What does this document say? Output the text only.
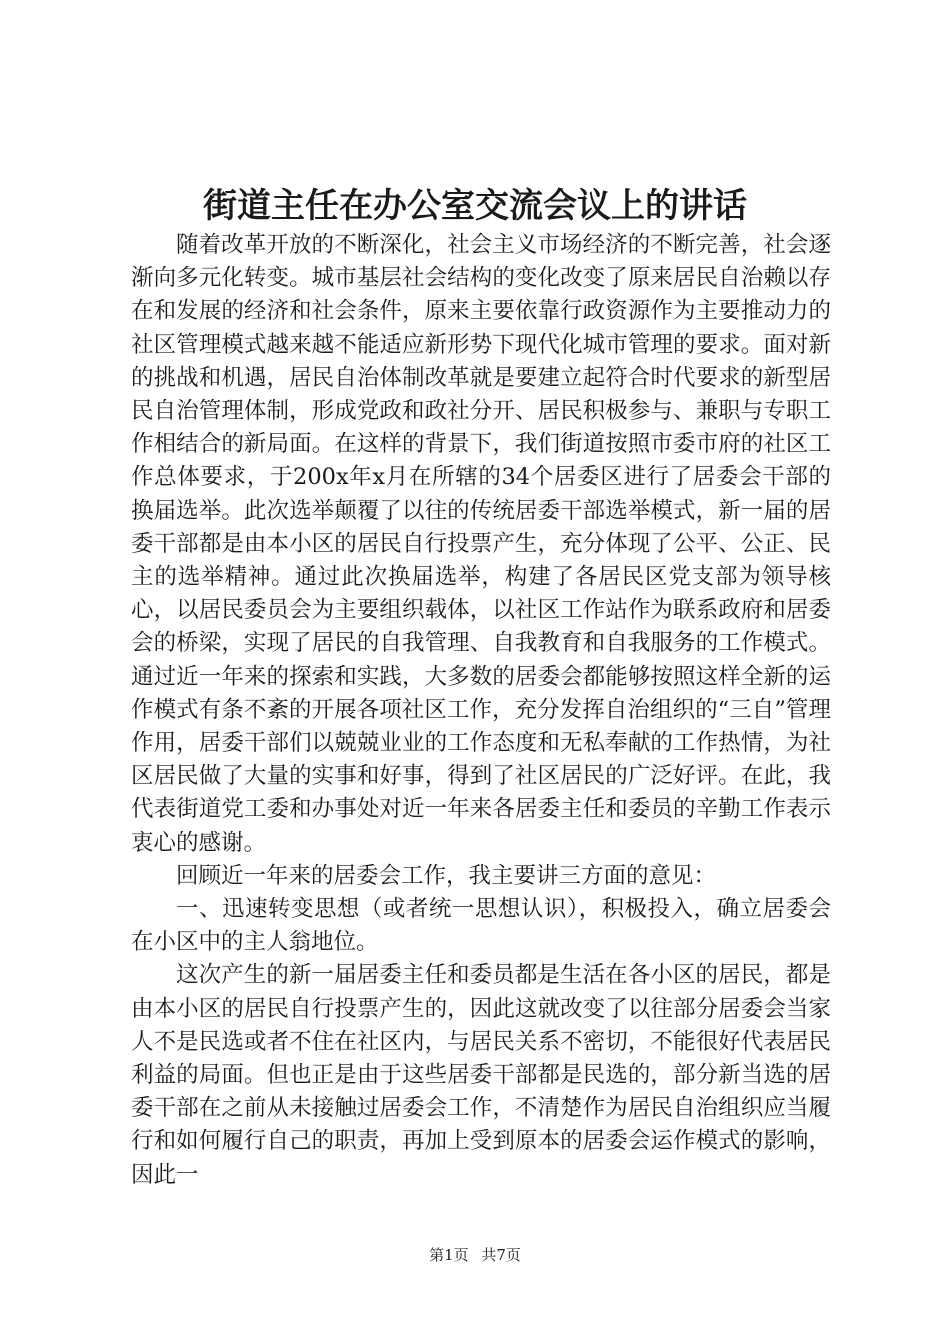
街道主任在办公室交流会议上的讲话

随着改革开放的不断深化，社会主义市场经济的不断完善，社会逐渐向多元化转变。城市基层社会结构的变化改变了原来居民自治赖以存在和发展的经济和社会条件，原来主要依靠行政资源作为主要推动力的社区管理模式越来越不能适应新形势下现代化城市管理的要求。面对新的挑战和机遇，居民自治体制改革就是要建立起符合时代要求的新型居民自治管理体制，形成党政和政社分开、居民积极参与、兼职与专职工作相结合的新局面。在这样的背景下，我们街道按照市委市府的社区工作总体要求，于200x年x月在所辖的34个居委区进行了居委会干部的换届选举。此次选举颠覆了以往的传统居委干部选举模式，新一届的居委干部都是由本小区的居民自行投票产生，充分体现了公平、公正、民主的选举精神。通过此次换届选举，构建了各居民区党支部为领导核心，以居民委员会为主要组织载体，以社区工作站作为联系政府和居委会的桥梁，实现了居民的自我管理、自我教育和自我服务的工作模式。通过近一年来的探索和实践，大多数的居委会都能够按照这样全新的运作模式有条不紊的开展各项社区工作，充分发挥自治组织的“三自”管理作用，居委干部们以兢兢业业的工作态度和无私奉献的工作热情，为社区居民做了大量的实事和好事，得到了社区居民的广泛好评。在此，我代表街道党工委和办事处对近一年来各居委主任和委员的辛勤工作表示衷心的感谢。

回顾近一年来的居委会工作，我主要讲三方面的意见：

一、迅速转变思想（或者统一思想认识），积极投入，确立居委会在小区中的主人翁地位。

这次产生的新一届居委主任和委员都是生活在各小区的居民，都是由本小区的居民自行投票产生的，因此这就改变了以往部分居委会当家人不是民选或者不住在社区内，与居民关系不密切，不能很好代表居民利益的局面。但也正是由于这些居委干部都是民选的，部分新当选的居委干部在之前从未接触过居委会工作，不清楚作为居民自治组织应当履行和如何履行自己的职责，再加上受到原本的居委会运作模式的影响，因此一

第1页 共7页
